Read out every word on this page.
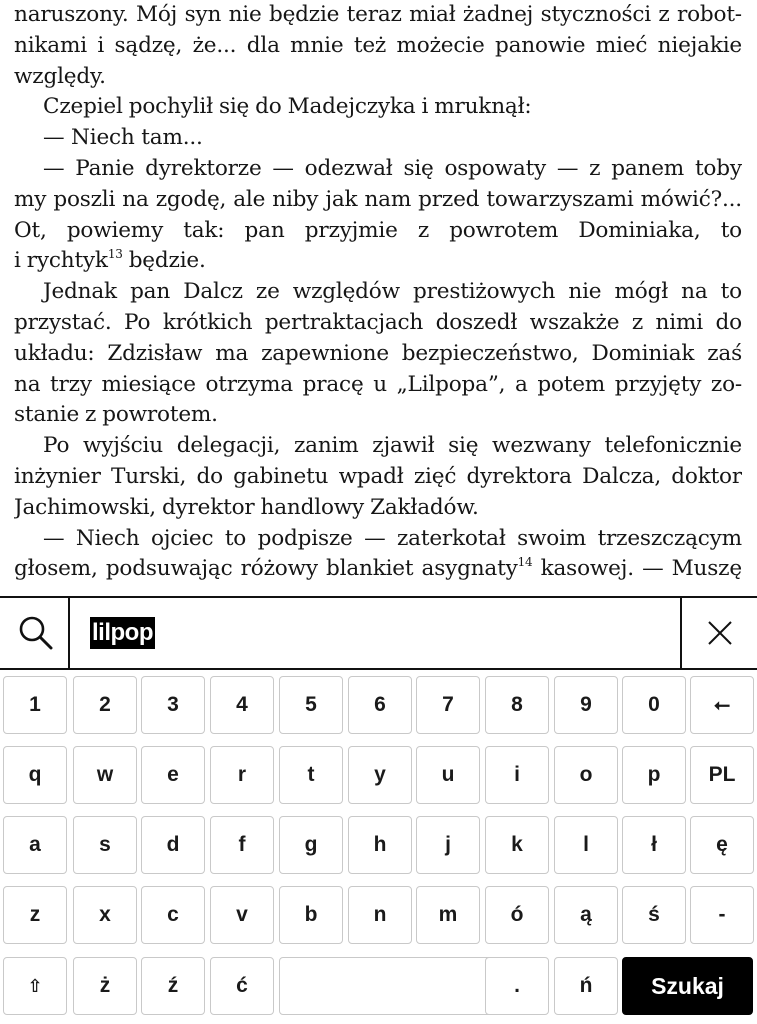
naruszony. Mój syn nie będzie teraz miał żadnej styczności z robot-
nikami i sądzę, że... dla mnie też możecie panowie mieć niejakie
względy.
Czepiel pochylił się do Madejczyka i mruknął:
— Niech tam...
— Panie dyrektorze — odezwał się ospowaty — z panem toby
my poszli na zgodę, ale niby jak nam przed towarzyszami mówić?...
Ot, powiemy tak: pan przyjmie z powrotem Dominiaka, to
i rychtyk$^{13}$ będzie.
Jednak pan Dalcz ze względów prestiżowych nie mógł na to
przystać. Po krótkich pertraktacjach doszedł wszakże z nimi do
układu: Zdzisław ma zapewnione bezpieczeństwo, Dominiak zaś
na trzy miesiące otrzyma pracę u „Lilpopa”, a potem przyjęty zo-
stanie z powrotem.
Po wyjściu delegacji, zanim zjawił się wezwany telefonicznie
inżynier Turski, do gabinetu wpadł zięć dyrektora Dalcza, doktor
Jachimowski, dyrektor handlowy Zakładów.
— Niech ojciec to podpisze — zaterkotał swoim trzeszczącym
głosem, podsuwając różowy blankiet asygnaty$^{14}$ kasowej. — Muszę
lilpop
1	2	3	4	5	6	7	8	9	0	⭠
q	w	e	r	t	y	u	i	o	p	PL
a	s	d	f	g	h	j	k	l	ł	ę
z	x	c	v	b	n	m	ó	ą	ś	-
⇧	ż	ź	ć	.	ń	Szukaj
